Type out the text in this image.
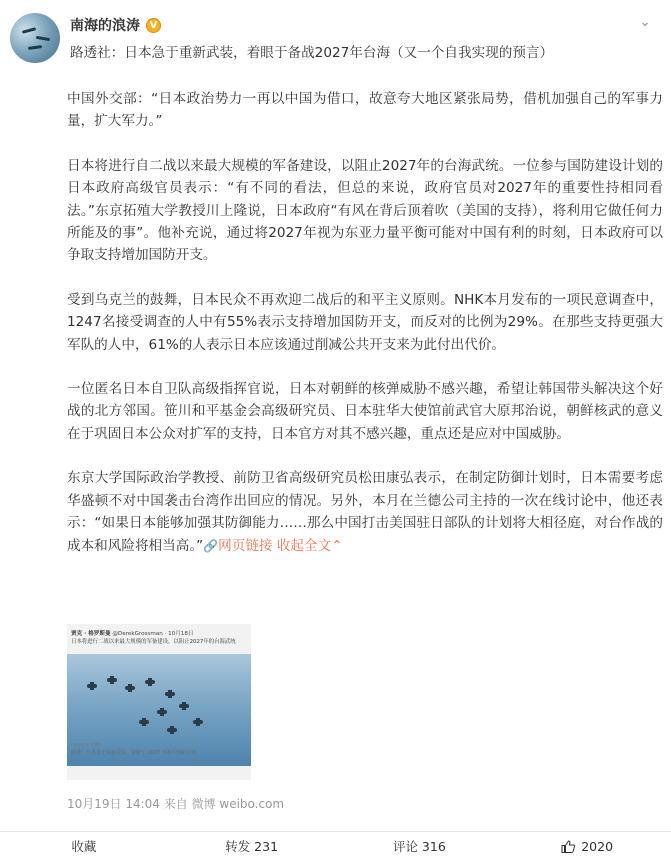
南海的浪涛 V	⌄
路透社：日本急于重新武装，着眼于备战2027年台海（又一个自我实现的预言）

中国外交部：“日本政治势力一再以中国为借口，故意夸大地区紧张局势，借机加强自己的军事力量，扩大军力。”

日本将进行自二战以来最大规模的军备建设，以阻止2027年的台海武统。一位参与国防建设计划的日本政府高级官员表示：“有不同的看法，但总的来说，政府官员对2027年的重要性持相同看法。”东京拓殖大学教授川上隆说，日本政府“有风在背后顶着吹（美国的支持），将利用它做任何力所能及的事”。他补充说，通过将2027年视为东亚力量平衡可能对中国有利的时刻，日本政府可以争取支持增加国防开支。

受到乌克兰的鼓舞，日本民众不再欢迎二战后的和平主义原则。NHK本月发布的一项民意调查中，1247名接受调查的人中有55%表示支持增加国防开支，而反对的比例为29%。在那些支持更强大军队的人中，61%的人表示日本应该通过削减公共开支来为此付出代价。

一位匿名日本自卫队高级指挥官说，日本对朝鲜的核弹威胁不感兴趣，希望让韩国带头解决这个好战的北方邻国。笹川和平基金会高级研究员、日本驻华大使馆前武官大原邦治说，朝鲜核武的意义在于巩固日本公众对扩军的支持，日本官方对其不感兴趣，重点还是应对中国威胁。

东京大学国际政治学教授、前防卫省高级研究员松田康弘表示，在制定防御计划时，日本需要考虑华盛顿不对中国袭击台湾作出回应的情况。另外，本月在兰德公司主持的一次在线讨论中，他还表示：“如果日本能够加强其防御能力……那么中国打击美国驻日部队的计划将大相径庭，对台作战的成本和风险将相当高。”🔗网页链接 收起全文⌃

贾克 · 格罗斯曼 @DerekGrossman · 10月18日
日本将进行二战以来最大规模的军备建设，以阻止2027年的台海武统
reuters.com
路透：日本急于重新武装，着眼于 2027 年和中国的台海
10月19日 14:04 来自 微博 weibo.com
收藏	转发 231	评论 316	2020
